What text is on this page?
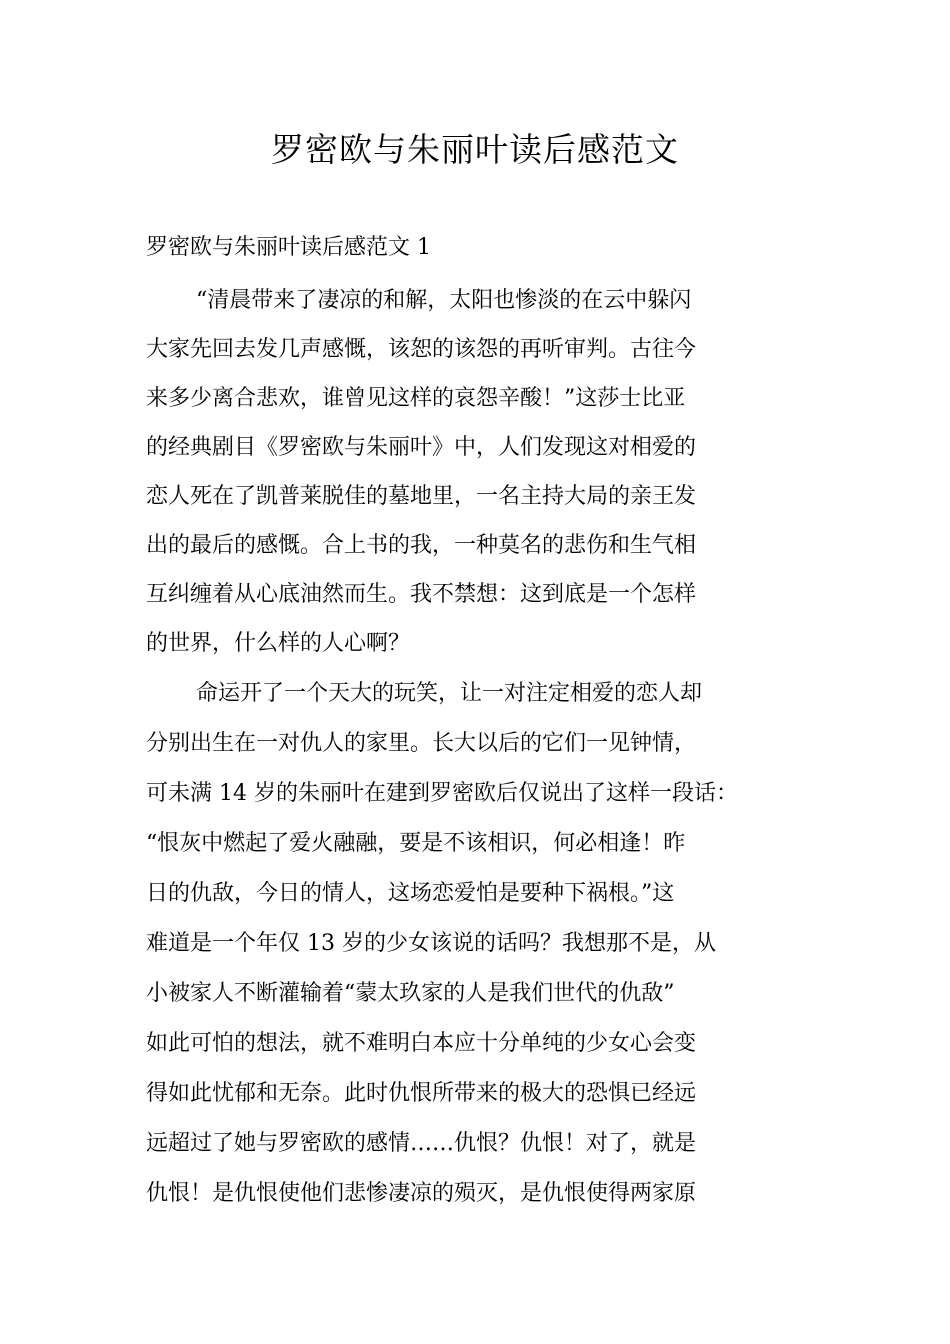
罗密欧与朱丽叶读后感范文
罗密欧与朱丽叶读后感范文 1
“清晨带来了凄凉的和解，太阳也惨淡的在云中躲闪
大家先回去发几声感慨，该恕的该怨的再听审判。古往今
来多少离合悲欢，谁曾见这样的哀怨辛酸！”这莎士比亚
的经典剧目《罗密欧与朱丽叶》中，人们发现这对相爱的
恋人死在了凯普莱脱佳的墓地里，一名主持大局的亲王发
出的最后的感慨。合上书的我，一种莫名的悲伤和生气相
互纠缠着从心底油然而生。我不禁想：这到底是一个怎样
的世界，什么样的人心啊？
命运开了一个天大的玩笑，让一对注定相爱的恋人却
分别出生在一对仇人的家里。长大以后的它们一见钟情，
可未满 14 岁的朱丽叶在建到罗密欧后仅说出了这样一段话：
“恨灰中燃起了爱火融融，要是不该相识，何必相逢！昨
日的仇敌，今日的情人，这场恋爱怕是要种下祸根。”这
难道是一个年仅 13 岁的少女该说的话吗？我想那不是，从
小被家人不断灌输着“蒙太玖家的人是我们世代的仇敌”
如此可怕的想法，就不难明白本应十分单纯的少女心会变
得如此忧郁和无奈。此时仇恨所带来的极大的恐惧已经远
远超过了她与罗密欧的感情……仇恨？仇恨！对了，就是
仇恨！是仇恨使他们悲惨凄凉的殒灭，是仇恨使得两家原
